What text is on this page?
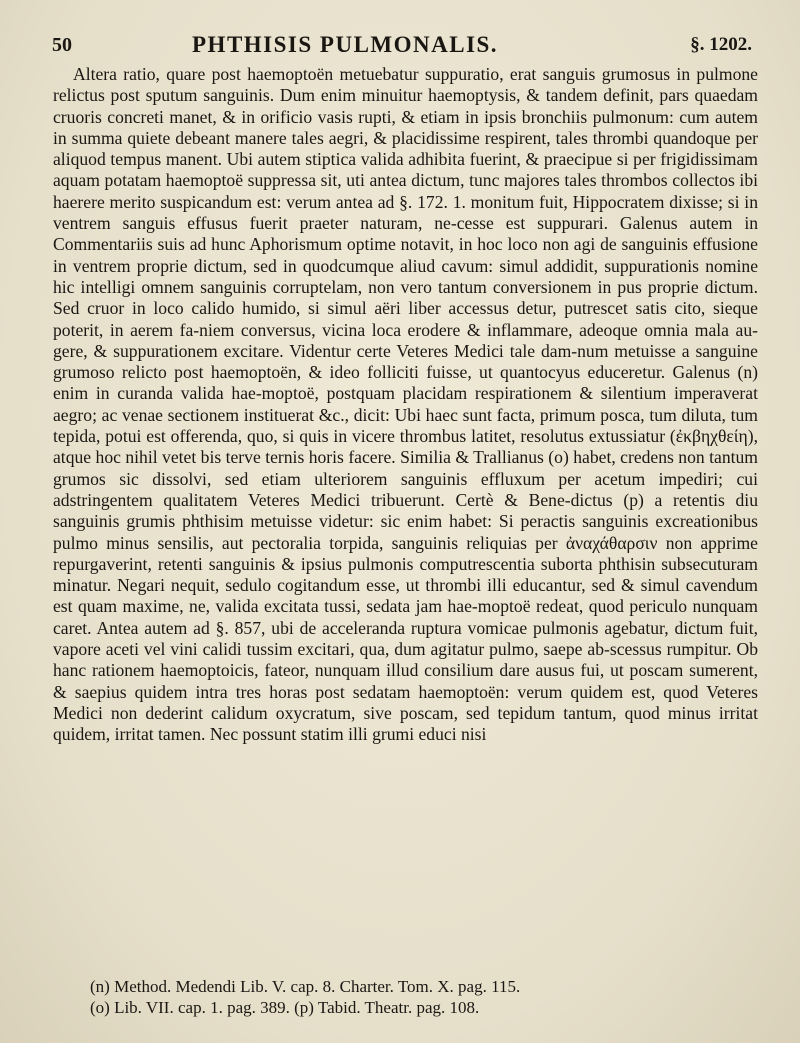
50	PHTHISIS PULMONALIS.	§. 1202.

Altera ratio, quare post haemoptoën metuebatur suppuratio, erat sanguis grumosus in pulmone relictus post sputum sanguinis. Dum enim minuitur haemoptysis, & tandem definit, pars quaedam cruoris concreti manet, & in orificio vasis rupti, & etiam in ipsis bronchiis pulmonum: cum autem in summa quiete debeant manere tales aegri, & placidissime respirent, tales thrombi quandoque per aliquod tempus manent. Ubi autem stiptica valida adhibita fuerint, & praecipue si per frigidissimam aquam potatam haemoptoë suppressa sit, uti antea dictum, tunc majores tales thrombos collectos ibi haerere merito suspicandum est: verum antea ad §. 172. 1. monitum fuit, Hippocratem dixisse; si in ventrem sanguis effusus fuerit praeter naturam, ne-cesse est suppurari. Galenus autem in Commentariis suis ad hunc Aphorismum optime notavit, in hoc loco non agi de sanguinis effusione in ventrem proprie dictum, sed in quodcumque aliud cavum: simul addidit, suppurationis nomine hic intelligi omnem sanguinis corruptelam, non vero tantum conversionem in pus proprie dictum. Sed cruor in loco calido humido, si simul aëri liber accessus detur, putrescet satis cito, sieque poterit, in aerem fa-niem conversus, vicina loca erodere & inflammare, adeoque omnia mala au-gere, & suppurationem excitare. Videntur certe Veteres Medici tale dam-num metuisse a sanguine grumoso relicto post haemoptoën, & ideo folliciti fuisse, ut quantocyus educeretur. Galenus (n) enim in curanda valida hae-moptoë, postquam placidam respirationem & silentium imperaverat aegro; ac venae sectionem instituerat &c., dicit: Ubi haec sunt facta, primum posca, tum diluta, tum tepida, potui est offerenda, quo, si quis in vicere thrombus latitet, resolutus extussiatur (ἐκβηχθείη), atque hoc nihil vetet bis terve ternis horis facere. Similia & Trallianus (o) habet, credens non tantum grumos sic dissolvi, sed etiam ulteriorem sanguinis effluxum per acetum impediri; cui adstringentem qualitatem Veteres Medici tribuerunt. Certè & Bene-dictus (p) a retentis diu sanguinis grumis phthisim metuisse videtur: sic enim habet: Si peractis sanguinis excreationibus pulmo minus sensilis, aut pectoralia torpida, sanguinis reliquias per ἀναχάθαρσιν non apprime repurgaverint, retenti sanguinis & ipsius pulmonis computrescentia suborta phthisin subsecuturam minatur. Negari nequit, sedulo cogitandum esse, ut thrombi illi educantur, sed & simul cavendum est quam maxime, ne, valida excitata tussi, sedata jam hae-moptoë redeat, quod periculo nunquam caret. Antea autem ad §. 857, ubi de acceleranda ruptura vomicae pulmonis agebatur, dictum fuit, vapore aceti vel vini calidi tussim excitari, qua, dum agitatur pulmo, saepe ab-scessus rumpitur. Ob hanc rationem haemoptoicis, fateor, nunquam illud consilium dare ausus fui, ut poscam sumerent, & saepius quidem intra tres horas post sedatam haemoptoën: verum quidem est, quod Veteres Medici non dederint calidum oxycratum, sive poscam, sed tepidum tantum, quod minus irritat quidem, irritat tamen. Nec possunt statim illi grumi educi nisi

(n) Method. Medendi Lib. V. cap. 8. Charter. Tom. X. pag. 115.
(o) Lib. VII. cap. 1. pag. 389. (p) Tabid. Theatr. pag. 108.
